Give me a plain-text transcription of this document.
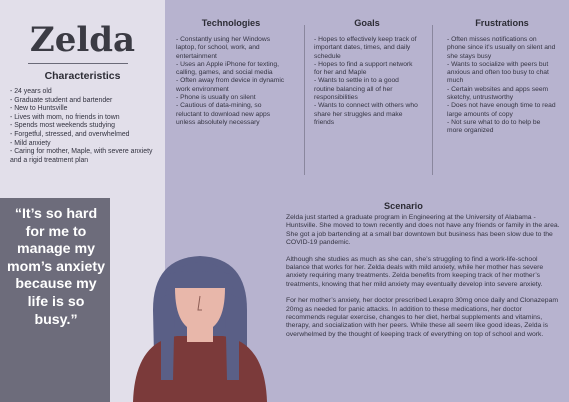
Zelda
Characteristics
- 24 years old
- Graduate student and bartender
- New to Huntsville
- Lives with mom, no friends in town
- Spends most weekends studying
- Forgetful, stressed, and overwhelmed
- Mild anxiety
- Caring for mother, Maple, with severe anxiety and a rigid treatment plan
“It’s so hard for me to manage my mom’s anxiety because my life is so busy.”
Technologies
- Constantly using her Windows laptop, for school, work, and entertainment
- Uses an Apple iPhone for texting, calling, games, and social media
- Often away from device in dynamic work environment
- Phone is usually on silent
- Cautious of data-mining, so reluctant to download new apps unless absolutely necessary
Goals
- Hopes to effectively keep track of important dates, times, and daily schedule
- Hopes to find a support network for her and Maple
- Wants to settle in to a good routine balancing all of her responsibilities
- Wants to connect with others who share her struggles and make friends
Frustrations
- Often misses notifications on phone since it's usually on silent and she stays busy
- Wants to socialize with peers but anxious and often too busy to chat much
- Certain websites and apps seem sketchy, untrustworthy
- Does not have enough time to read large amounts of copy
- Not sure what to do to help be more organized
Scenario

Zelda just started a graduate program in Engineering at the University of Alabama - Huntsville. She moved to town recently and does not have any friends or family in the area. She got a job bartending at a small bar downtown but business has been slow due to the COVID-19 pandemic.

Although she studies as much as she can, she’s struggling to find a work-life-school balance that works for her. Zelda deals with mild anxiety, while her mother has severe anxiety requiring many treatments. Zelda benefits from keeping track of her mother’s treatments, knowing that her mild anxiety may eventually develop into severe anxiety.

For her mother’s anxiety, her doctor prescribed Lexapro 30mg once daily and Clonazepam 20mg as needed for panic attacks. In addition to these medications, her doctor recommends regular exercise, changes to her diet, herbal supplements and vitamins, therapy, and socialization with her peers. While these all seem like good ideas, Zelda is overwhelmed by the thought of keeping track of everything on top of school and work.
